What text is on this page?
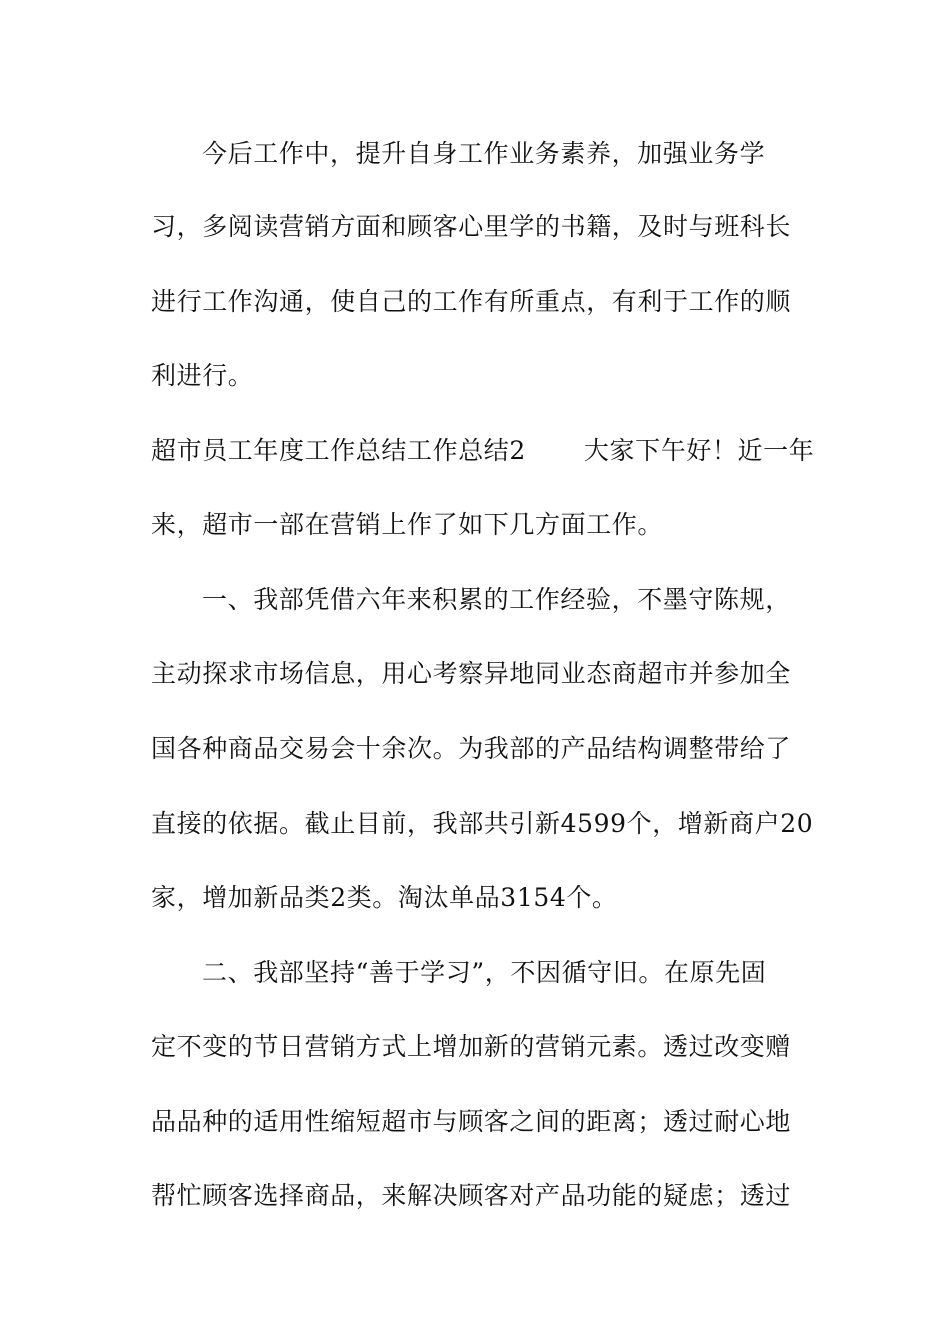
今后工作中，提升自身工作业务素养，加强业务学
习，多阅读营销方面和顾客心里学的书籍，及时与班科长
进行工作沟通，使自己的工作有所重点，有利于工作的顺
利进行。
超市员工年度工作总结工作总结2 大家下午好！近一年
来，超市一部在营销上作了如下几方面工作。
一、我部凭借六年来积累的工作经验，不墨守陈规，
主动探求市场信息，用心考察异地同业态商超市并参加全
国各种商品交易会十余次。为我部的产品结构调整带给了
直接的依据。截止目前，我部共引新4599个，增新商户20
家，增加新品类2类。淘汰单品3154个。
二、我部坚持“善于学习”，不因循守旧。在原先固
定不变的节日营销方式上增加新的营销元素。透过改变赠
品品种的适用性缩短超市与顾客之间的距离；透过耐心地
帮忙顾客选择商品，来解决顾客对产品功能的疑虑；透过
